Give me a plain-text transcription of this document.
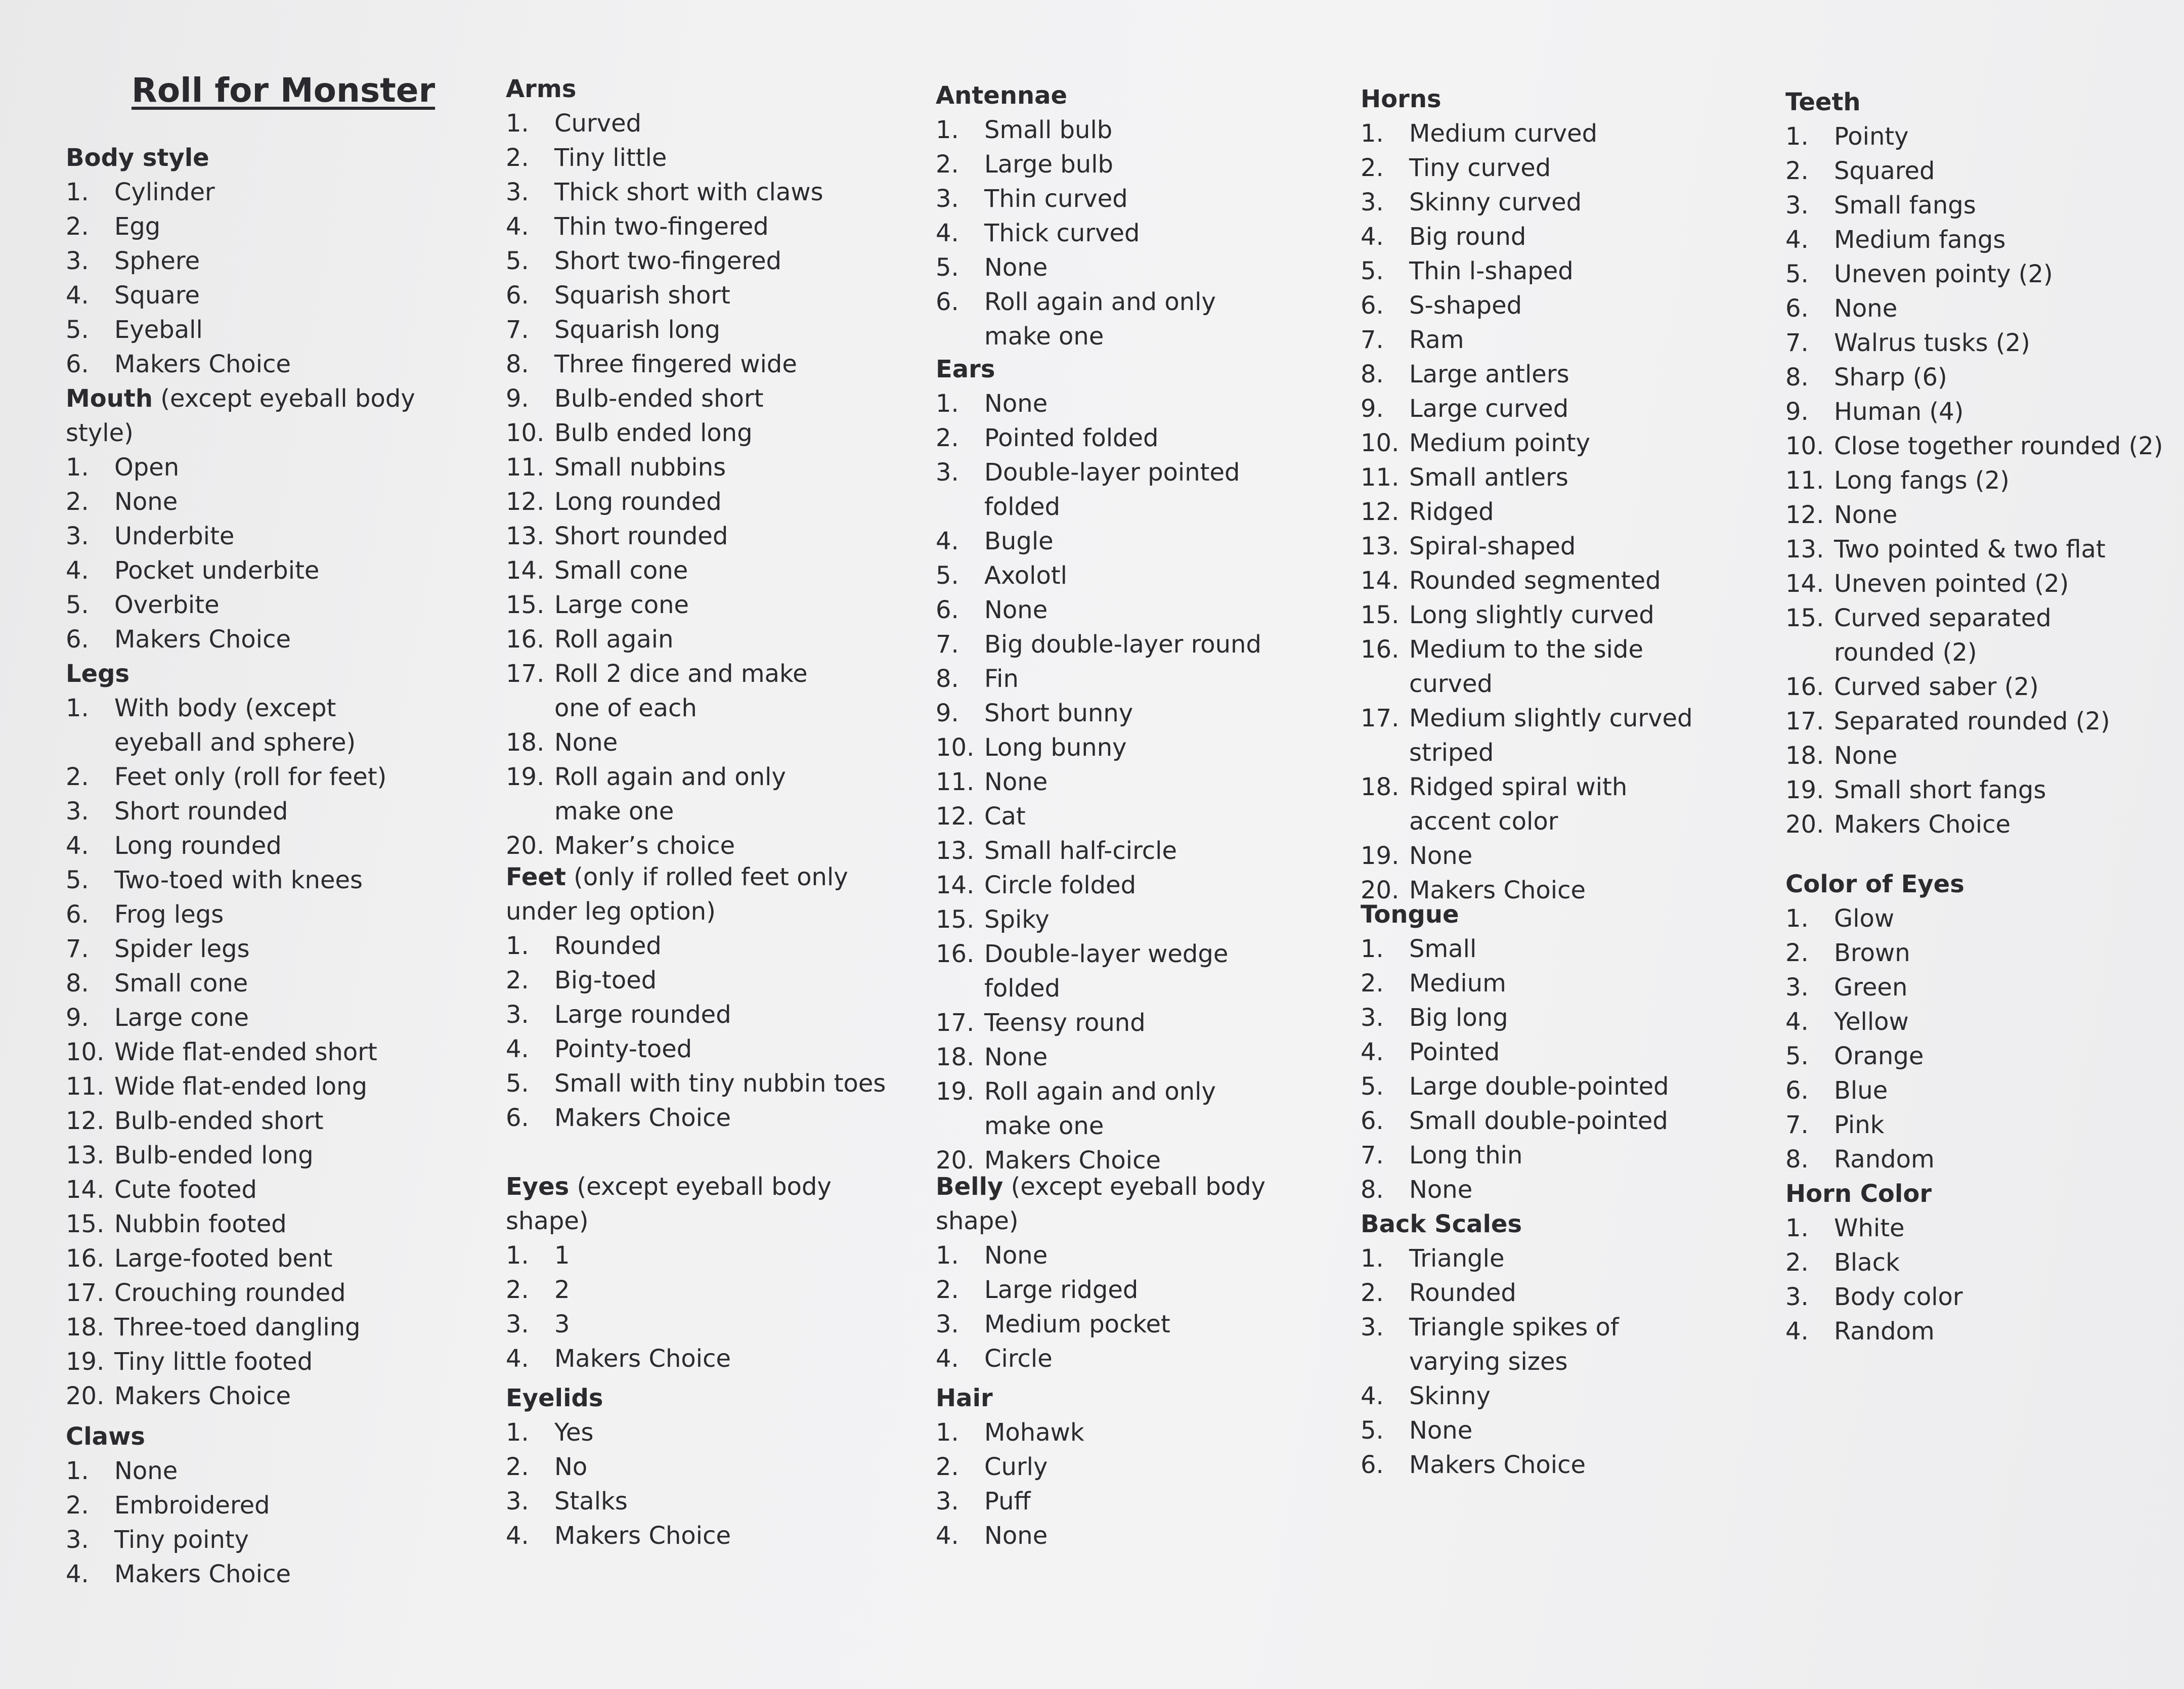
Roll for Monster
Body style
1. Cylinder
2. Egg
3. Sphere
4. Square
5. Eyeball
6. Makers Choice
Mouth (except eyeball body style)
1. Open
2. None
3. Underbite
4. Pocket underbite
5. Overbite
6. Makers Choice
Legs
1. With body (except eyeball and sphere)
2. Feet only (roll for feet)
3. Short rounded
4. Long rounded
5. Two-toed with knees
6. Frog legs
7. Spider legs
8. Small cone
9. Large cone
10. Wide flat-ended short
11. Wide flat-ended long
12. Bulb-ended short
13. Bulb-ended long
14. Cute footed
15. Nubbin footed
16. Large-footed bent
17. Crouching rounded
18. Three-toed dangling
19. Tiny little footed
20. Makers Choice
Claws
1. None
2. Embroidered
3. Tiny pointy
4. Makers Choice
Arms
1. Curved
2. Tiny little
3. Thick short with claws
4. Thin two-fingered
5. Short two-fingered
6. Squarish short
7. Squarish long
8. Three fingered wide
9. Bulb-ended short
10. Bulb ended long
11. Small nubbins
12. Long rounded
13. Short rounded
14. Small cone
15. Large cone
16. Roll again
17. Roll 2 dice and make one of each
18. None
19. Roll again and only make one
20. Maker’s choice
Feet (only if rolled feet only under leg option)
1. Rounded
2. Big-toed
3. Large rounded
4. Pointy-toed
5. Small with tiny nubbin toes
6. Makers Choice
Eyes (except eyeball body shape)
1. 1
2. 2
3. 3
4. Makers Choice
Eyelids
1. Yes
2. No
3. Stalks
4. Makers Choice
Antennae
1. Small bulb
2. Large bulb
3. Thin curved
4. Thick curved
5. None
6. Roll again and only make one
Ears
1. None
2. Pointed folded
3. Double-layer pointed folded
4. Bugle
5. Axolotl
6. None
7. Big double-layer round
8. Fin
9. Short bunny
10. Long bunny
11. None
12. Cat
13. Small half-circle
14. Circle folded
15. Spiky
16. Double-layer wedge folded
17. Teensy round
18. None
19. Roll again and only make one
20. Makers Choice
Belly (except eyeball body shape)
1. None
2. Large ridged
3. Medium pocket
4. Circle
Hair
1. Mohawk
2. Curly
3. Puff
4. None
Horns
1. Medium curved
2. Tiny curved
3. Skinny curved
4. Big round
5. Thin l-shaped
6. S-shaped
7. Ram
8. Large antlers
9. Large curved
10. Medium pointy
11. Small antlers
12. Ridged
13. Spiral-shaped
14. Rounded segmented
15. Long slightly curved
16. Medium to the side curved
17. Medium slightly curved striped
18. Ridged spiral with accent color
19. None
20. Makers Choice
Tongue
1. Small
2. Medium
3. Big long
4. Pointed
5. Large double-pointed
6. Small double-pointed
7. Long thin
8. None
Back Scales
1. Triangle
2. Rounded
3. Triangle spikes of varying sizes
4. Skinny
5. None
6. Makers Choice
Teeth
1. Pointy
2. Squared
3. Small fangs
4. Medium fangs
5. Uneven pointy (2)
6. None
7. Walrus tusks (2)
8. Sharp (6)
9. Human (4)
10. Close together rounded (2)
11. Long fangs (2)
12. None
13. Two pointed & two flat
14. Uneven pointed (2)
15. Curved separated rounded (2)
16. Curved saber (2)
17. Separated rounded (2)
18. None
19. Small short fangs
20. Makers Choice
Color of Eyes
1. Glow
2. Brown
3. Green
4. Yellow
5. Orange
6. Blue
7. Pink
8. Random
Horn Color
1. White
2. Black
3. Body color
4. Random
